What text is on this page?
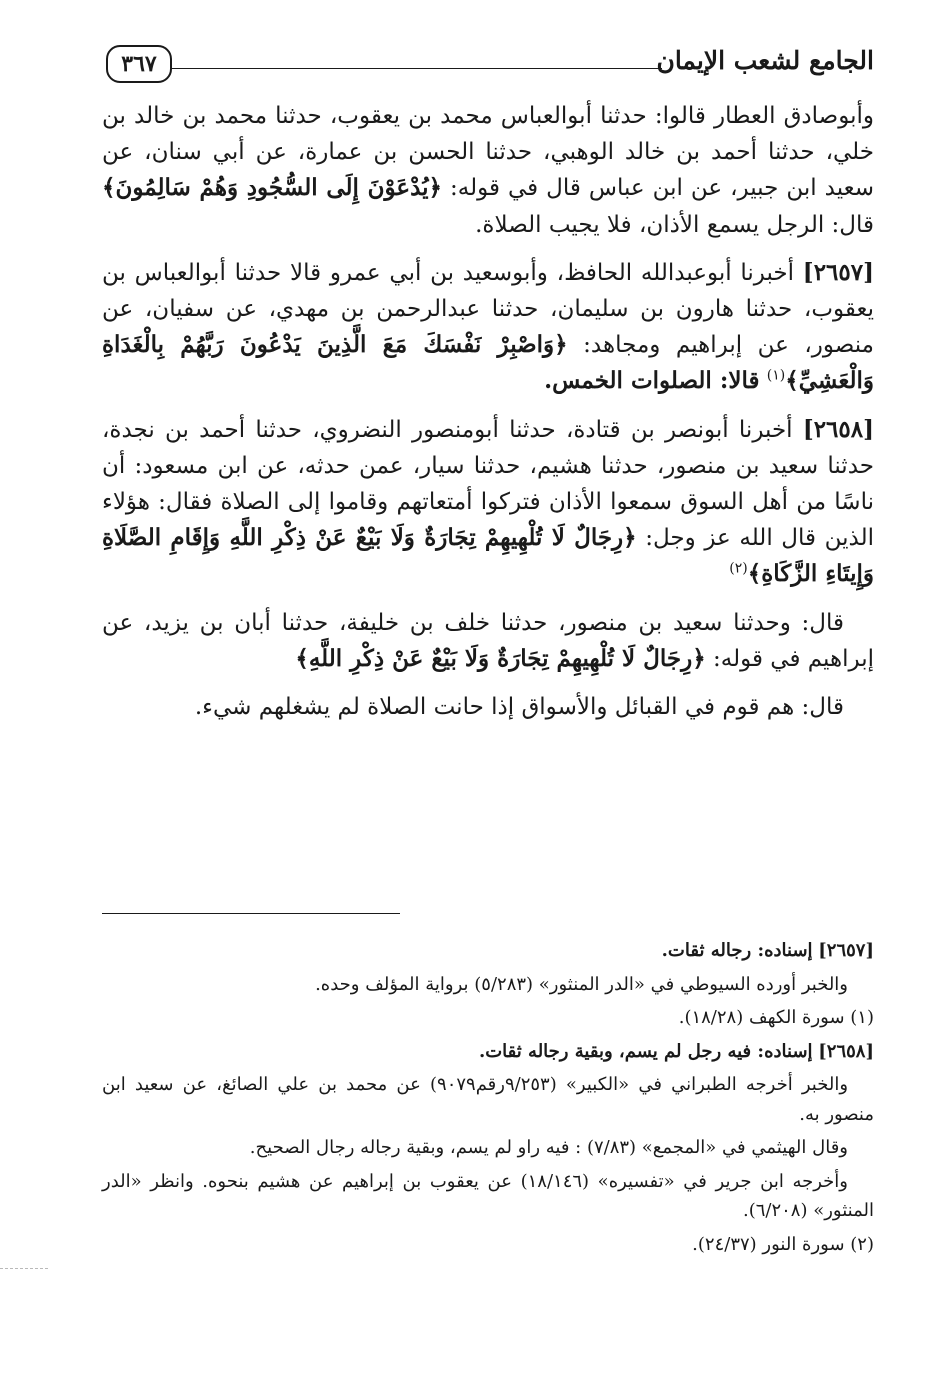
الجامع لشعب الإيمان
٣٦٧

وأبوصادق العطار قالوا: حدثنا أبوالعباس محمد بن يعقوب، حدثنا محمد بن خالد بن خلي، حدثنا أحمد بن خالد الوهبي، حدثنا الحسن بن عمارة، عن أبي سنان، عن سعيد ابن جبير، عن ابن عباس قال في قوله: ﴿يُدْعَوْنَ إِلَى السُّجُودِ وَهُمْ سَالِمُونَ﴾ قال: الرجل يسمع الأذان، فلا يجيب الصلاة.

[٢٦٥٧] أخبرنا أبوعبدالله الحافظ، وأبوسعيد بن أبي عمرو قالا حدثنا أبوالعباس بن يعقوب، حدثنا هارون بن سليمان، حدثنا عبدالرحمن بن مهدي، عن سفيان، عن منصور، عن إبراهيم ومجاهد: ﴿وَاصْبِرْ نَفْسَكَ مَعَ الَّذِينَ يَدْعُونَ رَبَّهُمْ بِالْغَدَاةِ وَالْعَشِيِّ﴾$^{(١)}$ قالا: الصلوات الخمس.

[٢٦٥٨] أخبرنا أبونصر بن قتادة، حدثنا أبومنصور النضروي، حدثنا أحمد بن نجدة، حدثنا سعيد بن منصور، حدثنا هشيم، حدثنا سيار، عمن حدثه، عن ابن مسعود: أن ناسًا من أهل السوق سمعوا الأذان فتركوا أمتعاتهم وقاموا إلى الصلاة فقال: هؤلاء الذين قال الله عز وجل: ﴿رِجَالٌ لَا تُلْهِيهِمْ تِجَارَةٌ وَلَا بَيْعٌ عَنْ ذِكْرِ اللَّهِ وَإِقَامِ الصَّلَاةِ وَإِيتَاءِ الزَّكَاةِ﴾$^{(٢)}$

قال: وحدثنا سعيد بن منصور، حدثنا خلف بن خليفة، حدثنا أبان بن يزيد، عن إبراهيم في قوله: ﴿رِجَالٌ لَا تُلْهِيهِمْ تِجَارَةٌ وَلَا بَيْعٌ عَنْ ذِكْرِ اللَّهِ﴾

قال: هم قوم في القبائل والأسواق إذا حانت الصلاة لم يشغلهم شيء.

[٢٦٥٧] إسناده: رجاله ثقات.

والخبر أورده السيوطي في «الدر المنثور» (٥/٢٨٣) برواية المؤلف وحده.

(١) سورة الكهف (١٨/٢٨).

[٢٦٥٨] إسناده: فيه رجل لم يسم، وبقية رجاله ثقات.

والخبر أخرجه الطبراني في «الكبير» (٩/٢٥٣رقم٩٠٧٩) عن محمد بن علي الصائغ، عن سعيد ابن منصور به.

وقال الهيثمي في «المجمع» (٧/٨٣) : فيه راو لم يسم، وبقية رجاله رجال الصحيح.

وأخرجه ابن جرير في «تفسيره» (١٨/١٤٦) عن يعقوب بن إبراهيم عن هشيم بنحوه. وانظر «الدر المنثور» (٦/٢٠٨).

(٢) سورة النور (٢٤/٣٧).
